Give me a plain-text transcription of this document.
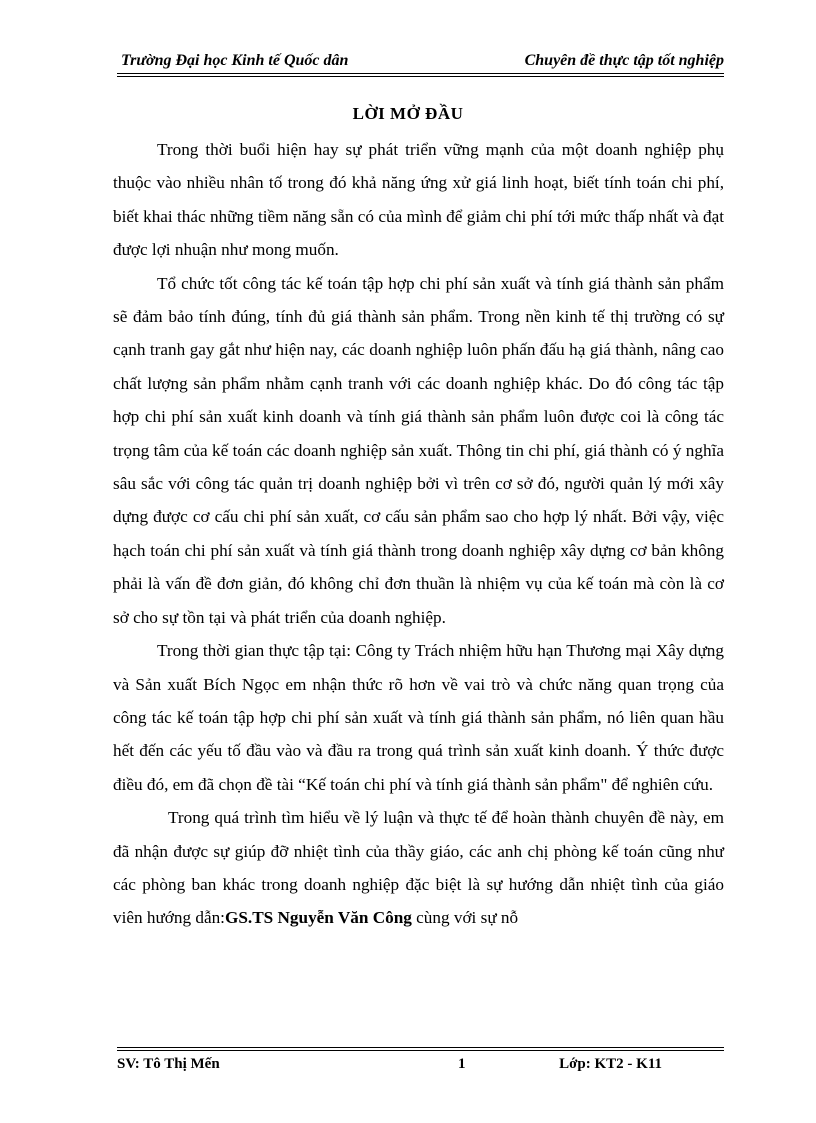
Trường Đại học Kinh tế Quốc dân	Chuyên đề thực tập tốt nghiệp
LỜI MỞ ĐẦU

Trong thời buổi hiện hay sự phát triển vững mạnh của một doanh nghiệp phụ thuộc vào nhiều nhân tố trong đó khả năng ứng xử giá linh hoạt, biết tính toán chi phí, biết khai thác những tiềm năng sẵn có của mình để giảm chi phí tới mức thấp nhất và đạt được lợi nhuận như mong muốn.

Tổ chức tốt công tác kế toán tập hợp chi phí sản xuất và tính giá thành sản phẩm sẽ đảm bảo tính đúng, tính đủ giá thành sản phẩm. Trong nền kinh tế thị trường có sự cạnh tranh gay gắt như hiện nay, các doanh nghiệp luôn phấn đấu hạ giá thành, nâng cao chất lượng sản phẩm nhằm cạnh tranh với các doanh nghiệp khác. Do đó công tác tập hợp chi phí sản xuất kinh doanh và tính giá thành sản phẩm luôn được coi là công tác trọng tâm của kế toán các doanh nghiệp sản xuất. Thông tin chi phí, giá thành có ý nghĩa sâu sắc với công tác quản trị doanh nghiệp bởi vì trên cơ sở đó, người quản lý mới xây dựng được cơ cấu chi phí sản xuất, cơ cấu sản phẩm sao cho hợp lý nhất. Bởi vậy, việc hạch toán chi phí sản xuất và tính giá thành trong doanh nghiệp xây dựng cơ bản không phải là vấn đề đơn giản, đó không chỉ đơn thuần là nhiệm vụ của kế toán mà còn là cơ sở cho sự tồn tại và phát triển của doanh nghiệp.

Trong thời gian thực tập tại: Công ty Trách nhiệm hữu hạn Thương mại Xây dựng và Sản xuất Bích Ngọc em nhận thức rõ hơn về vai trò và chức năng quan trọng của công tác kế toán tập hợp chi phí sản xuất và tính giá thành sản phẩm, nó liên quan hầu hết đến các yếu tố đầu vào và đầu ra trong quá trình sản xuất kinh doanh. Ý thức được điều đó, em đã chọn đề tài “Kế toán chi phí và tính giá thành sản phẩm" để nghiên cứu.

Trong quá trình tìm hiểu về lý luận và thực tế để hoàn thành chuyên đề này, em đã nhận được sự giúp đỡ nhiệt tình của thầy giáo, các anh chị phòng kế toán cũng như các phòng ban khác trong doanh nghiệp đặc biệt là sự hướng dẫn nhiệt tình của giáo viên hướng dẫn:GS.TS Nguyễn Văn Công cùng với sự nỗ

SV: Tô Thị Mến	1	Lớp: KT2 - K11
